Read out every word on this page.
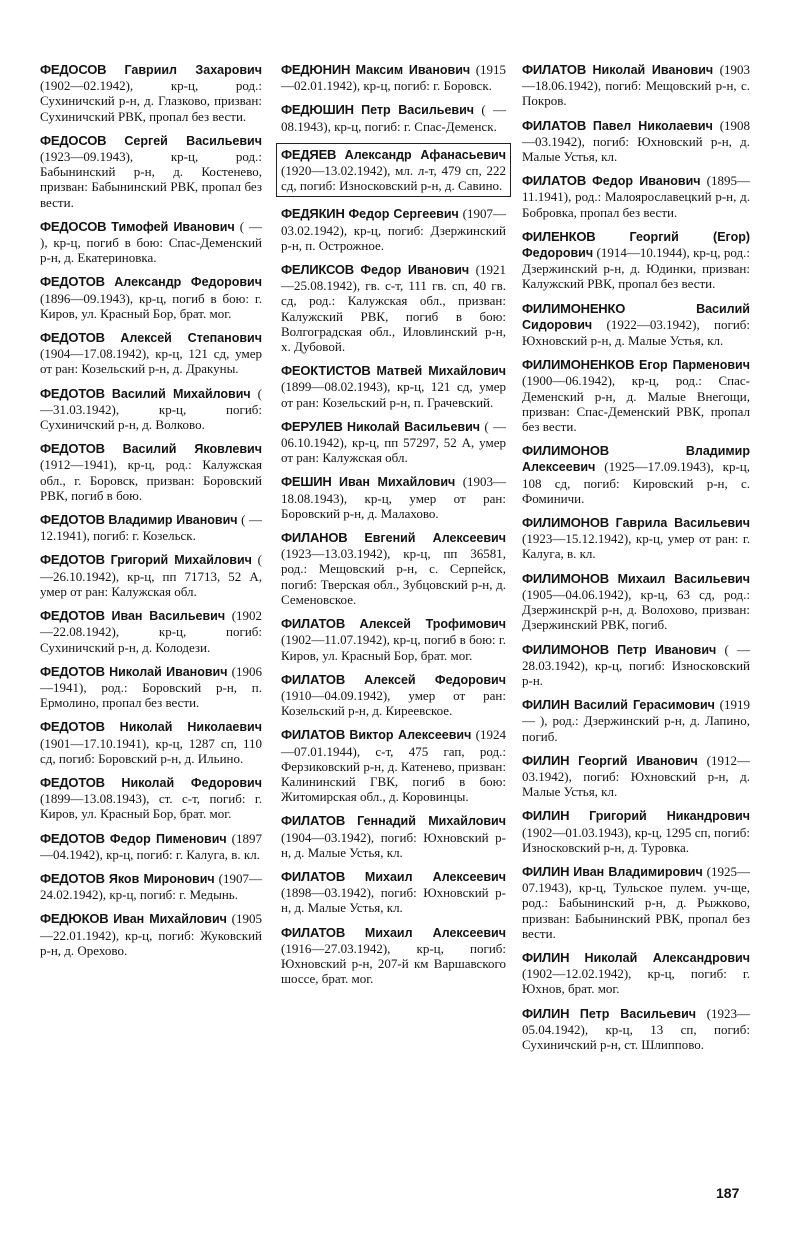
ФЕДОСОВ Гавриил Захарович (1902—02.1942), кр-ц, род.: Сухиничский р-н, д. Глазково, призван: Сухиничский РВК, пропал без вести.

ФЕДОСОВ Сергей Васильевич (1923—09.1943), кр-ц, род.: Бабынинский р-н, д. Костенево, призван: Бабынинский РВК, пропал без вести.

ФЕДОСОВ Тимофей Иванович ( — ), кр-ц, погиб в бою: Спас-Деменский р-н, д. Екатериновка.

ФЕДОТОВ Александр Федорович (1896—09.1943), кр-ц, погиб в бою: г. Киров, ул. Красный Бор, брат. мог.

ФЕДОТОВ Алексей Степанович (1904—17.08.1942), кр-ц, 121 сд, умер от ран: Козельский р-н, д. Дракуны.

ФЕДОТОВ Василий Михайлович ( —31.03.1942), кр-ц, погиб: Сухиничский р-н, д. Волково.

ФЕДОТОВ Василий Яковлевич (1912—1941), кр-ц, род.: Калужская обл., г. Боровск, призван: Боровский РВК, погиб в бою.

ФЕДОТОВ Владимир Иванович ( —12.1941), погиб: г. Козельск.

ФЕДОТОВ Григорий Михайлович ( —26.10.1942), кр-ц, пп 71713, 52 А, умер от ран: Калужская обл.

ФЕДОТОВ Иван Васильевич (1902—22.08.1942), кр-ц, погиб: Сухиничский р-н, д. Колодези.

ФЕДОТОВ Николай Иванович (1906—1941), род.: Боровский р-н, п. Ермолино, пропал без вести.

ФЕДОТОВ Николай Николаевич (1901—17.10.1941), кр-ц, 1287 сп, 110 сд, погиб: Боровский р-н, д. Ильино.

ФЕДОТОВ Николай Федорович (1899—13.08.1943), ст. с-т, погиб: г. Киров, ул. Красный Бор, брат. мог.

ФЕДОТОВ Федор Пименович (1897—04.1942), кр-ц, погиб: г. Калуга, в. кл.

ФЕДОТОВ Яков Миронович (1907—24.02.1942), кр-ц, погиб: г. Медынь.

ФЕДЮКОВ Иван Михайлович (1905—22.01.1942), кр-ц, погиб: Жуковский р-н, д. Орехово.

ФЕДЮНИН Максим Иванович (1915—02.01.1942), кр-ц, погиб: г. Боровск.

ФЕДЮШИН Петр Васильевич ( —08.1943), кр-ц, погиб: г. Спас-Деменск.

ФЕДЯЕВ Александр Афанасьевич (1920—13.02.1942), мл. л-т, 479 сп, 222 сд, погиб: Износковский р-н, д. Савино.

ФЕДЯКИН Федор Сергеевич (1907—03.02.1942), кр-ц, погиб: Дзержинский р-н, п. Острожное.

ФЕЛИКСОВ Федор Иванович (1921—25.08.1942), гв. с-т, 111 гв. сп, 40 гв. сд, род.: Калужская обл., призван: Калужский РВК, погиб в бою: Волгоградская обл., Иловлинский р-н, х. Дубовой.

ФЕОКТИСТОВ Матвей Михайлович (1899—08.02.1943), кр-ц, 121 сд, умер от ран: Козельский р-н, п. Грачевский.

ФЕРУЛЕВ Николай Васильевич ( —06.10.1942), кр-ц, пп 57297, 52 А, умер от ран: Калужская обл.

ФЕШИН Иван Михайлович (1903—18.08.1943), кр-ц, умер от ран: Боровский р-н, д. Малахово.

ФИЛАНОВ Евгений Алексеевич (1923—13.03.1942), кр-ц, пп 36581, род.: Мещовский р-н, с. Серпейск, погиб: Тверская обл., Зубцовский р-н, д. Семеновское.

ФИЛАТОВ Алексей Трофимович (1902—11.07.1942), кр-ц, погиб в бою: г. Киров, ул. Красный Бор, брат. мог.

ФИЛАТОВ Алексей Федорович (1910—04.09.1942), умер от ран: Козельский р-н, д. Киреевское.

ФИЛАТОВ Виктор Алексеевич (1924—07.01.1944), с-т, 475 гап, род.: Ферзиковский р-н, д. Катенево, призван: Калининский ГВК, погиб в бою: Житомирская обл., д. Коровинцы.

ФИЛАТОВ Геннадий Михайлович (1904—03.1942), погиб: Юхновский р-н, д. Малые Устья, кл.

ФИЛАТОВ Михаил Алексеевич (1898—03.1942), погиб: Юхновский р-н, д. Малые Устья, кл.

ФИЛАТОВ Михаил Алексеевич (1916—27.03.1942), кр-ц, погиб: Юхновский р-н, 207-й км Варшавского шоссе, брат. мог.

ФИЛАТОВ Николай Иванович (1903—18.06.1942), погиб: Мещовский р-н, с. Покров.

ФИЛАТОВ Павел Николаевич (1908—03.1942), погиб: Юхновский р-н, д. Малые Устья, кл.

ФИЛАТОВ Федор Иванович (1895—11.1941), род.: Малоярославецкий р-н, д. Бобровка, пропал без вести.

ФИЛЕНКОВ	Георгий (Егор) Федорович (1914—10.1944), кр-ц, род.: Дзержинский р-н, д. Юдинки, призван: Калужский РВК, пропал без вести.

ФИЛИМОНЕНКО	Василий Сидорович (1922—03.1942), погиб: Юхновский р-н, д. Малые Устья, кл.

ФИЛИМОНЕНКОВ Егор Парменович (1900—06.1942), кр-ц, род.: Спас-Деменский р-н, д. Малые Внегощи, призван: Спас-Деменский РВК, пропал без вести.

ФИЛИМОНОВ	Владимир Алексеевич (1925—17.09.1943), кр-ц, 108 сд, погиб: Кировский р-н, с. Фоминичи.

ФИЛИМОНОВ Гаврила Васильевич (1923—15.12.1942), кр-ц, умер от ран: г. Калуга, в. кл.

ФИЛИМОНОВ Михаил Васильевич (1905—04.06.1942), кр-ц, 63 сд, род.: Дзержинскрй р-н, д. Волохово, призван: Дзержинский РВК, погиб.

ФИЛИМОНОВ Петр Иванович ( —28.03.1942), кр-ц, погиб: Износковский р-н.

ФИЛИН Василий Герасимович (1919— ), род.: Дзержинский р-н, д. Лапино, погиб.

ФИЛИН Георгий Иванович (1912—03.1942), погиб: Юхновский р-н, д. Малые Устья, кл.

ФИЛИН Григорий Никандрович (1902—01.03.1943), кр-ц, 1295 сп, погиб: Износковский р-н, д. Туровка.

ФИЛИН Иван Владимирович (1925—07.1943), кр-ц, Тульское пулем. уч-ще, род.: Бабынинский р-н, д. Рыжково, призван: Бабынинский РВК, пропал без вести.

ФИЛИН Николай Александрович (1902—12.02.1942), кр-ц, погиб: г. Юхнов, брат. мог.

ФИЛИН Петр Васильевич (1923—05.04.1942), кр-ц, 13 сп, погиб: Сухиничский р-н, ст. Шлиппово.

187
